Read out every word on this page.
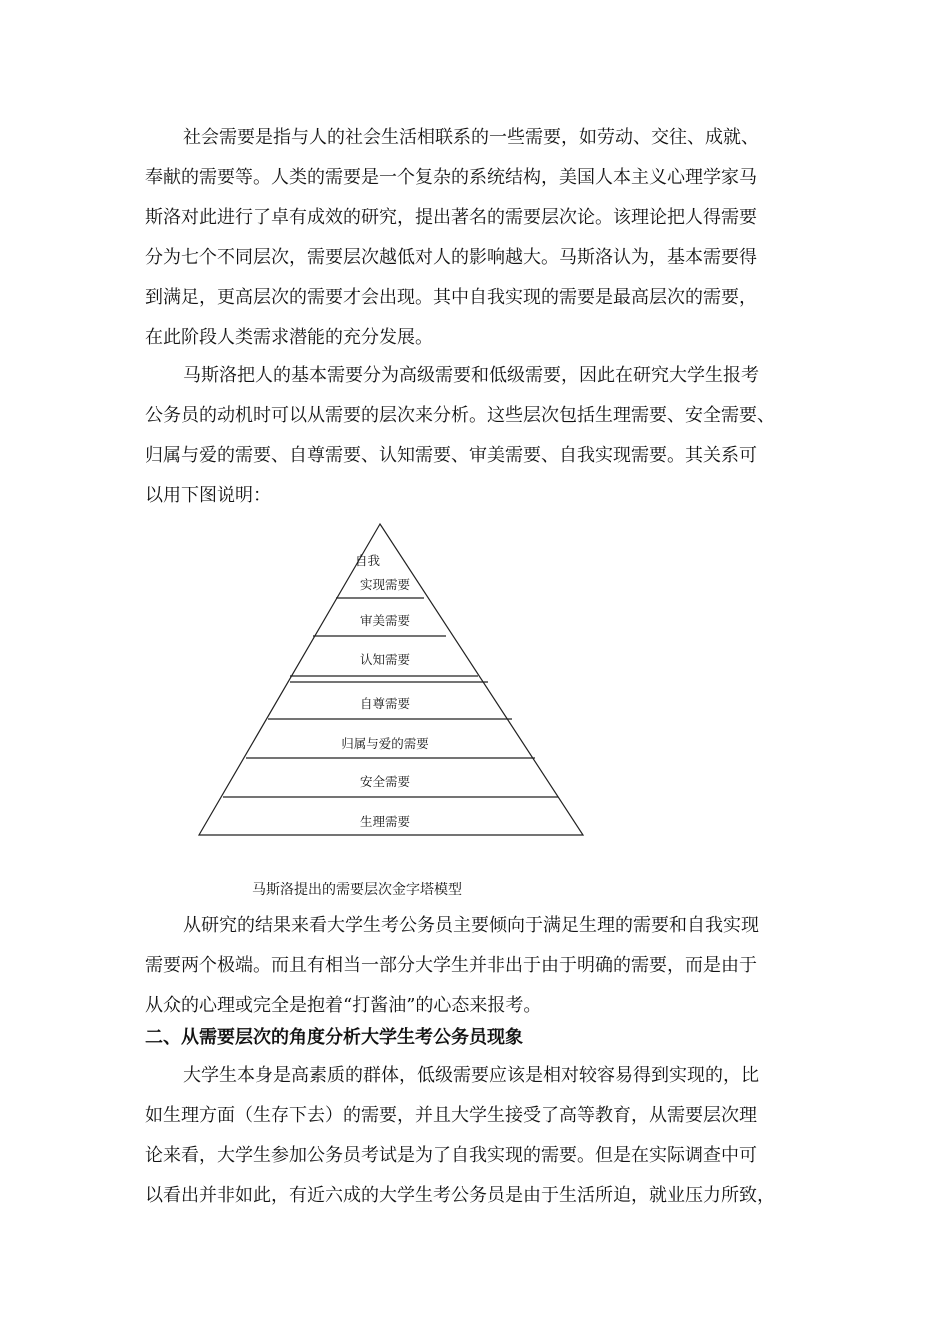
社会需要是指与人的社会生活相联系的一些需要，如劳动、交往、成就、
奉献的需要等。人类的需要是一个复杂的系统结构，美国人本主义心理学家马
斯洛对此进行了卓有成效的研究，提出著名的需要层次论。该理论把人得需要
分为七个不同层次，需要层次越低对人的影响越大。马斯洛认为，基本需要得
到满足，更高层次的需要才会出现。其中自我实现的需要是最高层次的需要，
在此阶段人类需求潜能的充分发展。
马斯洛把人的基本需要分为高级需要和低级需要，因此在研究大学生报考
公务员的动机时可以从需要的层次来分析。这些层次包括生理需要、安全需要、
归属与爱的需要、自尊需要、认知需要、审美需要、自我实现需要。其关系可
以用下图说明：
自我
实现需要
审美需要
认知需要
自尊需要
归属与爱的需要
安全需要
生理需要
马斯洛提出的需要层次金字塔模型
从研究的结果来看大学生考公务员主要倾向于满足生理的需要和自我实现
需要两个极端。而且有相当一部分大学生并非出于由于明确的需要，而是由于
从众的心理或完全是抱着“打酱油”的心态来报考。
二、从需要层次的角度分析大学生考公务员现象
大学生本身是高素质的群体，低级需要应该是相对较容易得到实现的，比
如生理方面（生存下去）的需要，并且大学生接受了高等教育，从需要层次理
论来看，大学生参加公务员考试是为了自我实现的需要。但是在实际调查中可
以看出并非如此，有近六成的大学生考公务员是由于生活所迫，就业压力所致，
